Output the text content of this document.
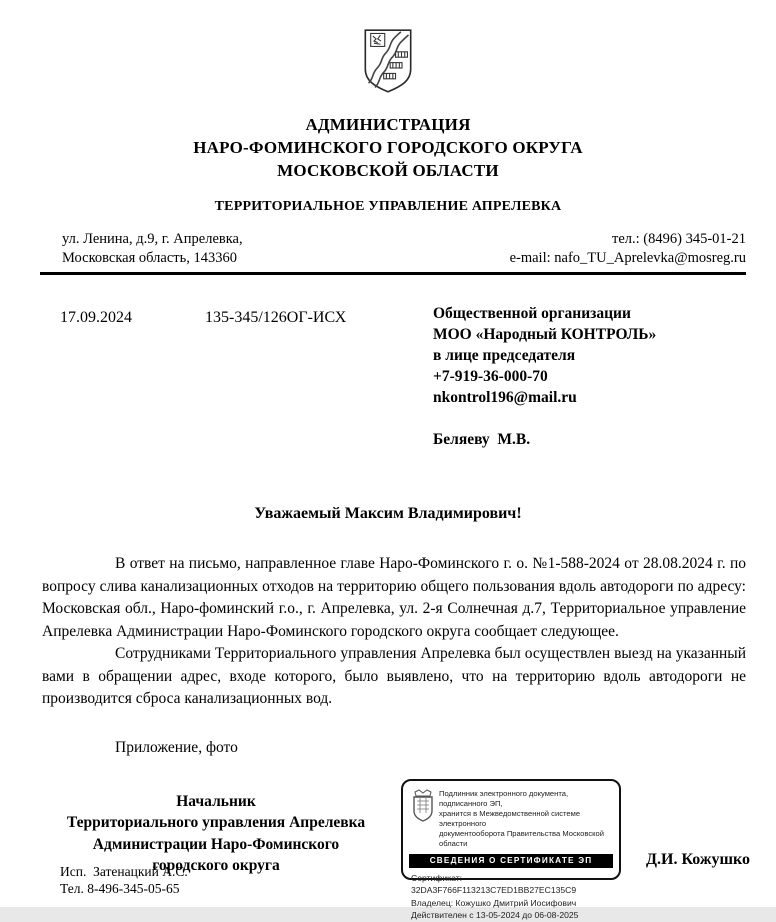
АДМИНИСТРАЦИЯ
НАРО-ФОМИНСКОГО ГОРОДСКОГО ОКРУГА
МОСКОВСКОЙ ОБЛАСТИ
ТЕРРИТОРИАЛЬНОЕ УПРАВЛЕНИЕ АПРЕЛЕВКА
ул. Ленина, д.9, г. Апрелевка,
Московская область, 143360
тел.: (8496) 345-01-21
e-mail: nafo_TU_Aprelevka@mosreg.ru
17.09.2024	135-345/126ОГ-ИСХ	Общественной организации
МОО «Народный КОНТРОЛЬ»
в лице председателя
+7-919-36-000-70
nkontrol196@mail.ru
Беляеву  М.В.
Уважаемый Максим Владимирович!

В ответ на письмо, направленное главе Наро-Фоминского г. о. №1-588-2024 от 28.08.2024 г. по вопросу слива канализационных отходов на территорию общего пользования вдоль автодороги по адресу: Московская обл., Наро-фоминский г.о., г. Апрелевка, ул. 2-я Солнечная д.7, Территориальное управление Апрелевка Администрации Наро-Фоминского городского округа сообщает следующее.

Сотрудниками Территориального управления Апрелевка был осуществлен выезд на указанный вами в обращении адрес, входе которого, было выявлено, что на территорию вдоль автодороги не производится сброса канализационных вод.

Приложение, фото
Начальник
Территориального управления Апрелевка
Администрации Наро-Фоминского
городского округа
Подлинник электронного документа, подписанного ЭП,
хранится в Межведомственной системе электронного
документооборота Правительства Московской области
СВЕДЕНИЯ О СЕРТИФИКАТЕ ЭП
Сертификат: 32DA3F766F113213C7ED1BB27EC135C9
Владелец: Кожушко Дмитрий Иосифович
Действителен с 13-05-2024 до 06-08-2025
Д.И. Кожушко
Исп.  Затенацкий А.С.
Тел. 8-496-345-05-65
